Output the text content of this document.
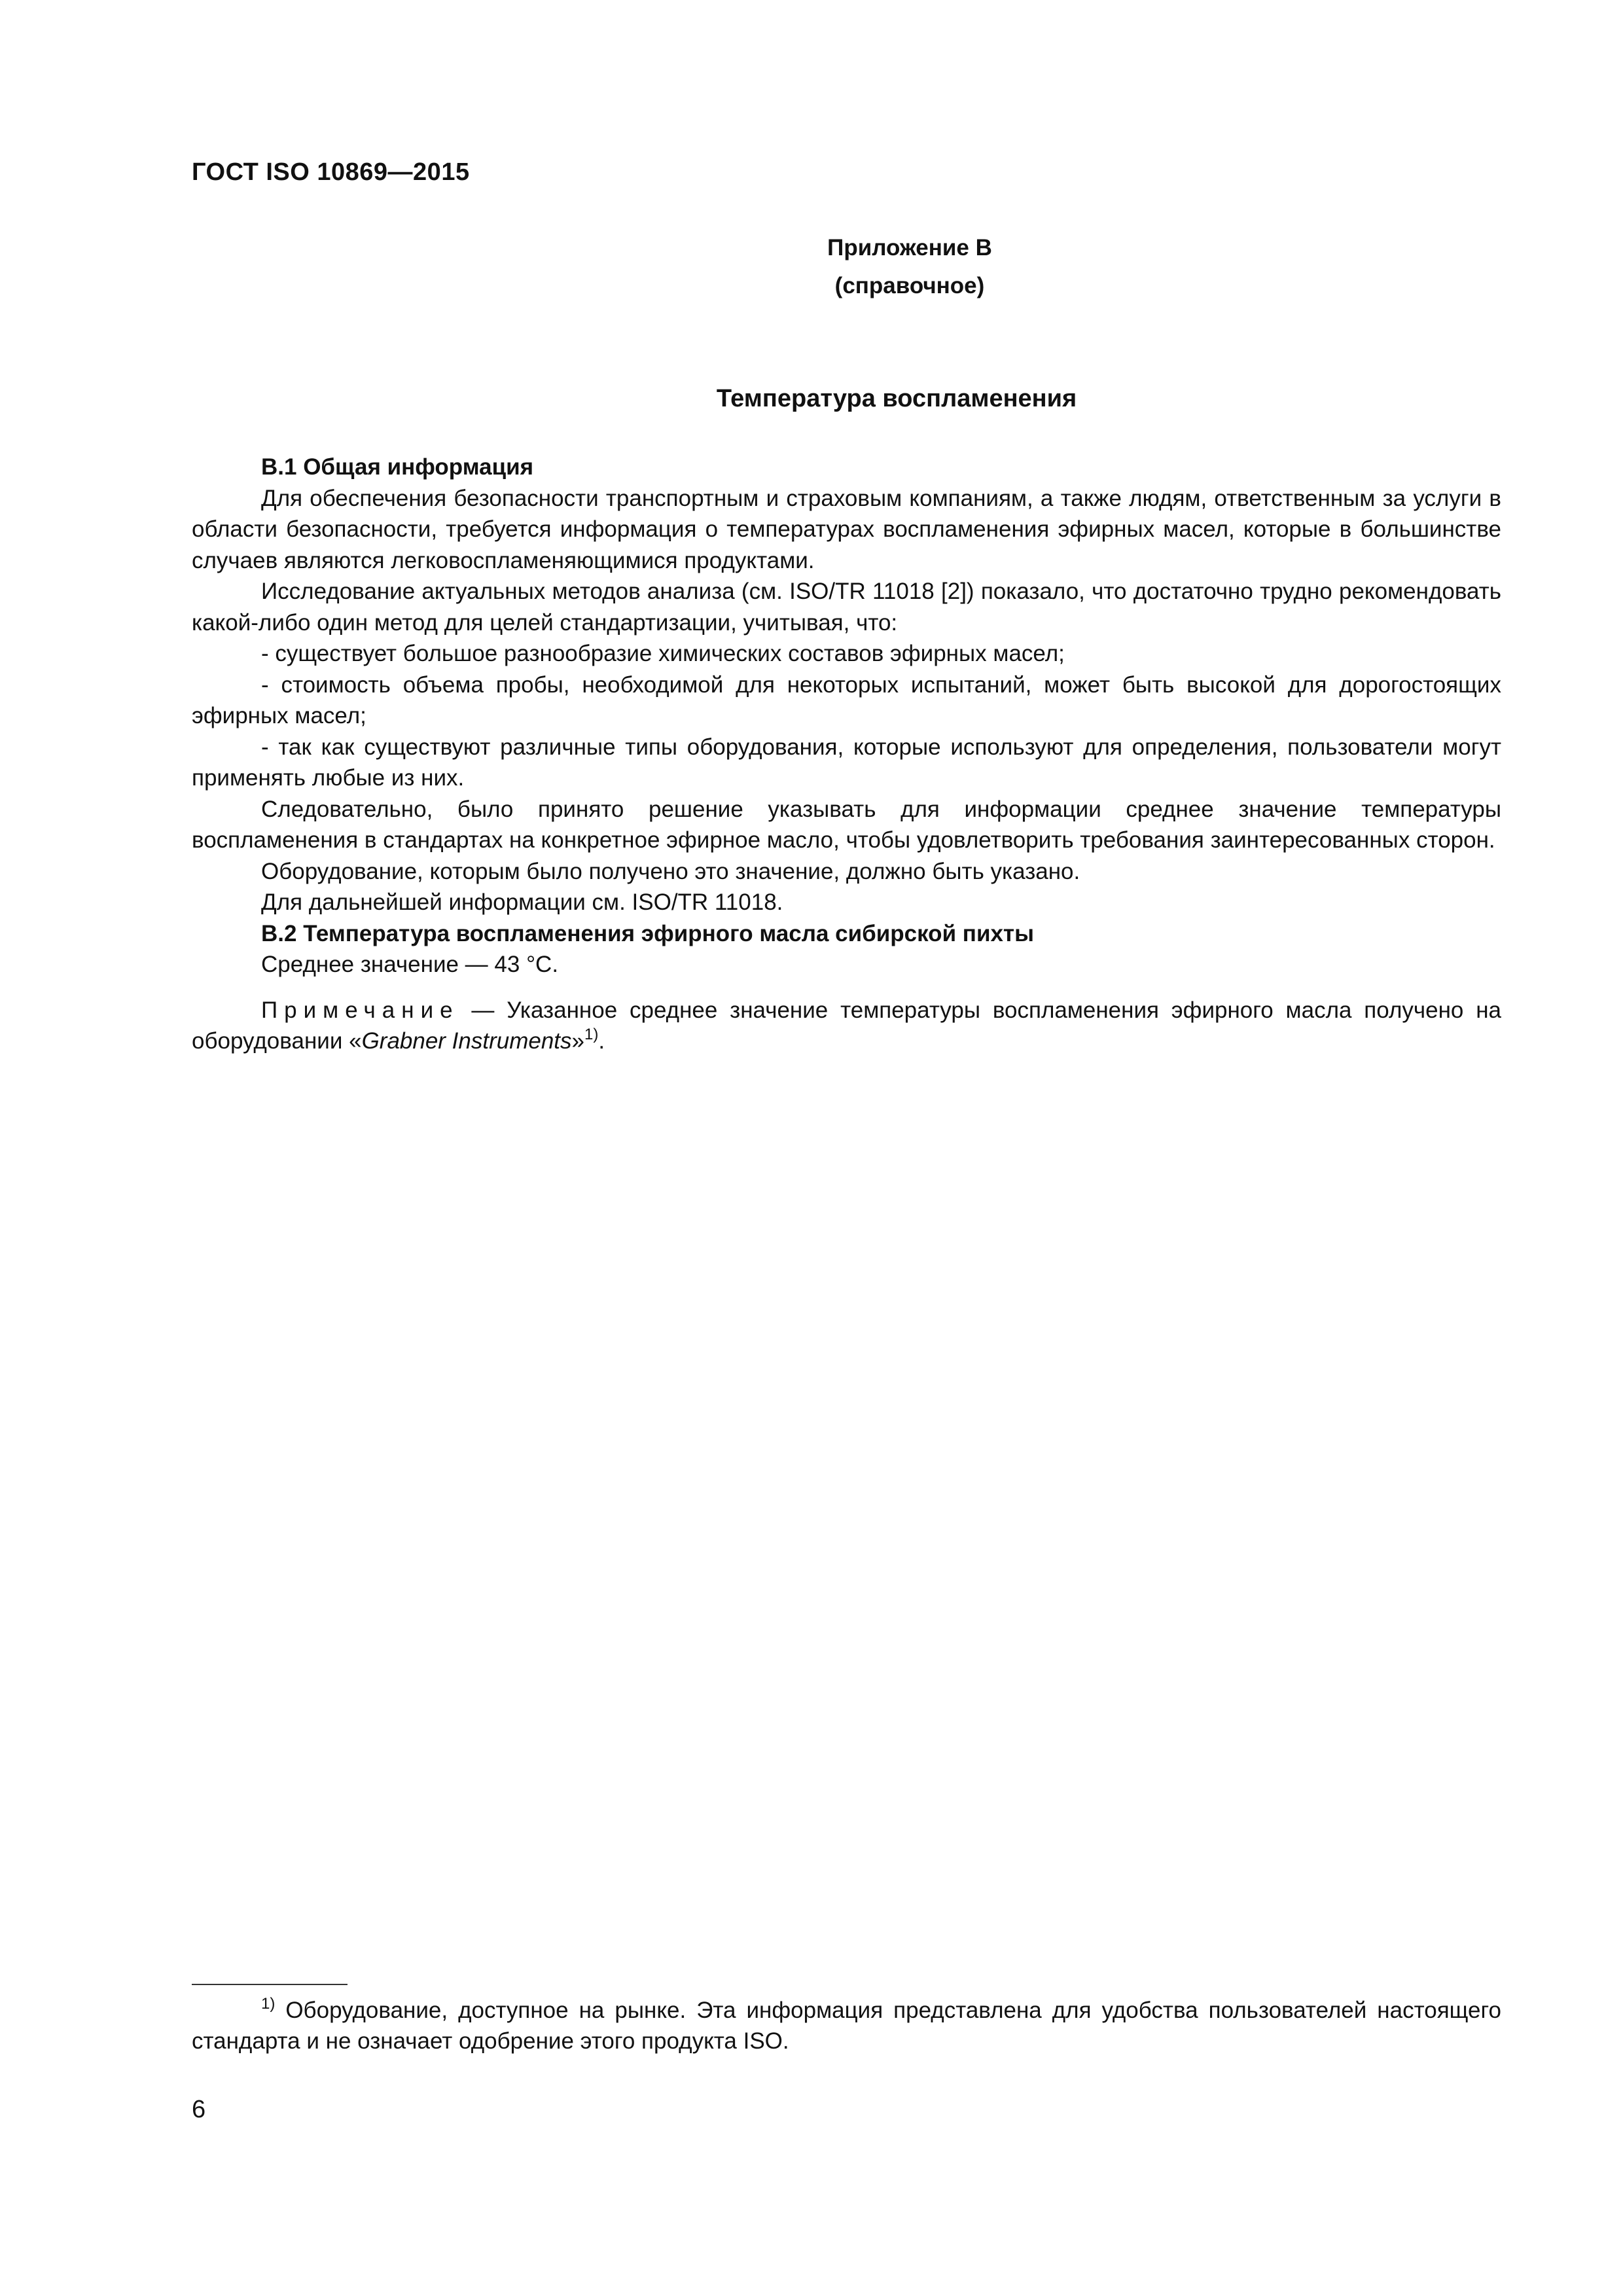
ГОСТ ISO 10869—2015
Приложение В
(справочное)
Температура воспламенения

В.1 Общая информация

Для обеспечения безопасности транспортным и страховым компаниям, а также людям, ответственным за услуги в области безопасности, требуется информация о температурах воспламенения эфирных масел, которые в большинстве случаев являются легковоспламеняющимися продуктами.

Исследование актуальных методов анализа (см. ISO/TR 11018 [2]) показало, что достаточно трудно рекомендовать какой-либо один метод для целей стандартизации, учитывая, что:

- существует большое разнообразие химических составов эфирных масел;

- стоимость объема пробы, необходимой для некоторых испытаний, может быть высокой для дорогостоящих эфирных масел;

- так как существуют различные типы оборудования, которые используют для определения, пользователи могут применять любые из них.

Следовательно, было принято решение указывать для информации среднее значение температуры воспламенения в стандартах на конкретное эфирное масло, чтобы удовлетворить требования заинтересованных сторон.

Оборудование, которым было получено это значение, должно быть указано.

Для дальнейшей информации см. ISO/TR 11018.

В.2 Температура воспламенения эфирного масла сибирской пихты

Среднее значение — 43 °С.

Примечание — Указанное среднее значение температуры воспламенения эфирного масла получено на оборудовании «Grabner Instruments»$^{1)}$.

$^{1)}$ Оборудование, доступное на рынке. Эта информация представлена для удобства пользователей настоящего стандарта и не означает одобрение этого продукта ISO.

6
